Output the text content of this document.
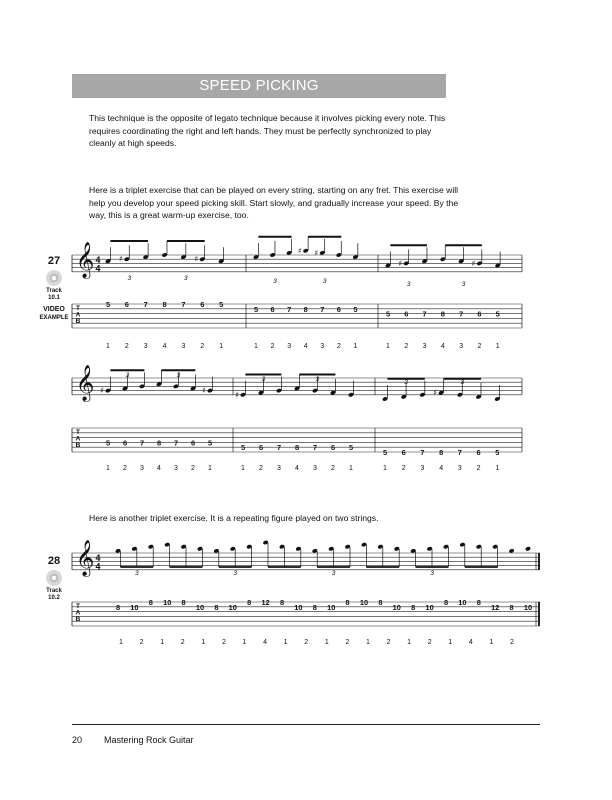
SPEED PICKING

This technique is the opposite of legato technique because it involves picking every note. This requires coordinating the right and left hands. They must be perfectly synchronized to play cleanly at high speeds.

Here is a triplet exercise that can be played on every string, starting on any fret. This exercise will help you develop your speed picking skill. Start slowly, and gradually increase your speed. By the way, this is a great warm-up exercise, too.

Here is another triplet exercise. It is a repeating figure played on two strings.

27
Track
10.1
VIDEO
EXAMPLE
28
Track
10.2
T
A
B
𝄞 4
4
5
1
♯
6
2
7
3
8
4
7
3
♯
6
2
5
1
3	3
5
1
6
2
7
3
♯
8
4
♯
7
3
6
2
5
1
3	3
5
1
♯
6
2
7
3
8
4
7
3
♯
6
2
5
1
3	3
T
A
B
𝄞 ♯
5
1
6
2
7
3
8
4
7
3
6
2
♯
5
1
3	3
♯
5
1
6
2
7
3
8
4
7
3
6
2
5
1
3	3
5
1
6
2
7
3
♯
8
4
7
3
6
2
5
1
3	3
T
A
B
𝄞 4
4
8 10
8 10 8
10 8 10
8 12 8
10 8 10
8 10 8
10 8 10
8 10 8
12 8 10
3	3	3	3
1 2 1 2 1 2 1 4 1 2 1 2 1 2 1 2 1 4 1 2
20 Mastering Rock Guitar
